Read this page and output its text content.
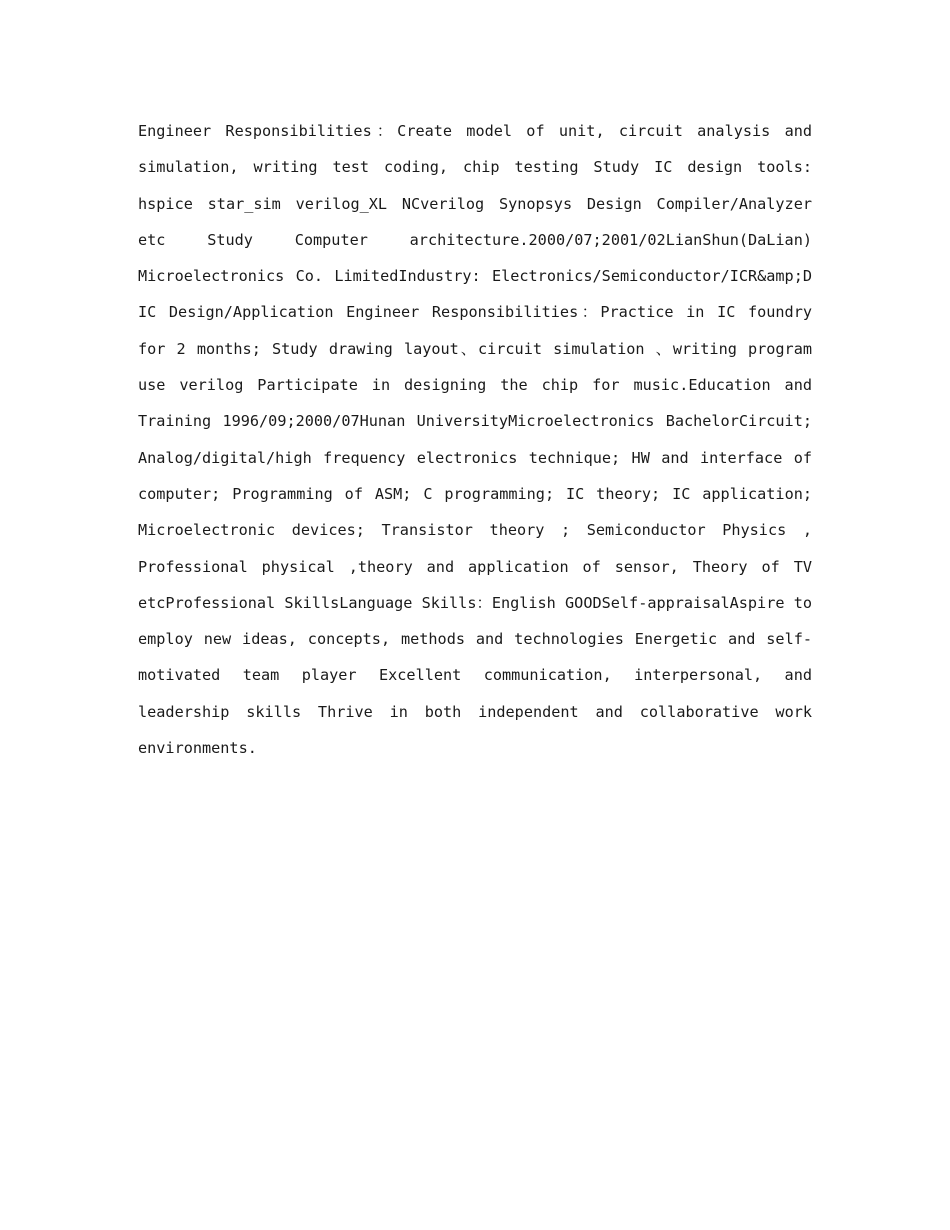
Engineer Responsibilities：Create model of unit, circuit analysis and simulation, writing test coding, chip testing Study IC design tools: hspice star_sim verilog_XL NCverilog Synopsys Design Compiler/Analyzer etc Study Computer architecture.2000/07;2001/02LianShun(DaLian) Microelectronics Co. LimitedIndustry: Electronics/Semiconductor/ICR&amp;D IC Design/Application Engineer Responsibilities：Practice in IC foundry for 2 months; Study drawing layout、circuit simulation 、writing program use verilog Participate in designing the chip for music.Education and Training 1996/09;2000/07Hunan UniversityMicroelectronics BachelorCircuit; Analog/digital/high frequency electronics technique; HW and interface of computer; Programming of ASM; C programming; IC theory; IC application; Microelectronic devices; Transistor theory ; Semiconductor Physics , Professional physical ,theory and application of sensor, Theory of TV etcProfessional SkillsLanguage Skills：English GOODSelf-appraisalAspire to employ new ideas, concepts, methods and technologies Energetic and self-motivated team player Excellent communication, interpersonal, and leadership skills Thrive in both independent and collaborative work environments.
